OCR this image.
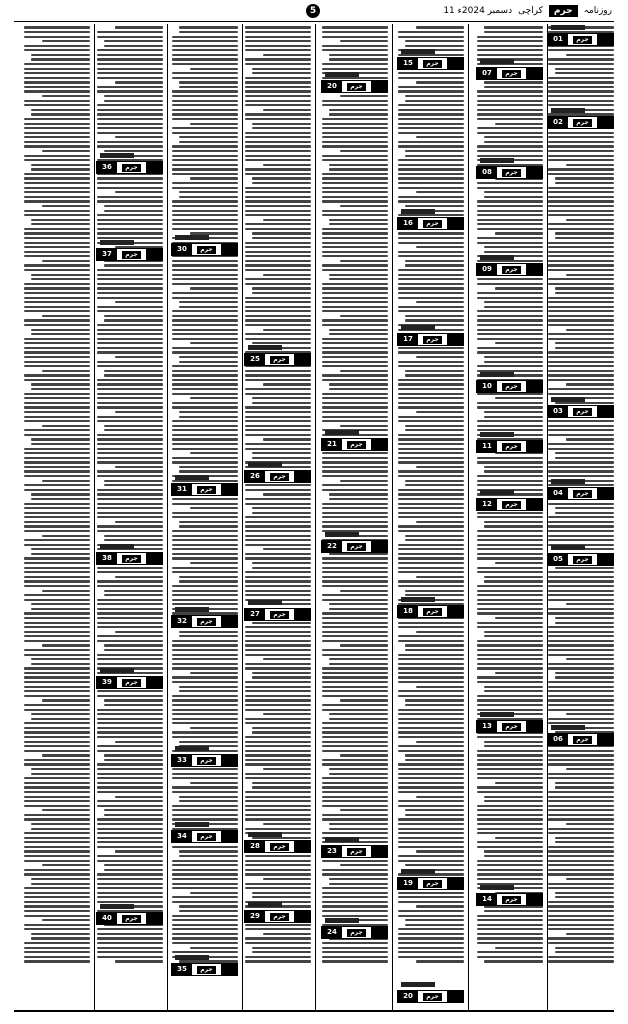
5	11 دسمبر 2024ء کراچی	جرم	روزنامہ
01	جرم
02	جرم
03	جرم
04	جرم
05	جرم
06	جرم
07	جرم
08	جرم
09	جرم
10	جرم
11	جرم
12	جرم
13	جرم
14	جرم
15	جرم
16	جرم
17	جرم
18	جرم
19	جرم
20	جرم
20	جرم
21	جرم
22	جرم
23	جرم
24	جرم
25	جرم
26	جرم
27	جرم
28	جرم
29	جرم
30	جرم
31	جرم
32	جرم
33	جرم
34	جرم
35	جرم
36	جرم
37	جرم
38	جرم
39	جرم
40	جرم
